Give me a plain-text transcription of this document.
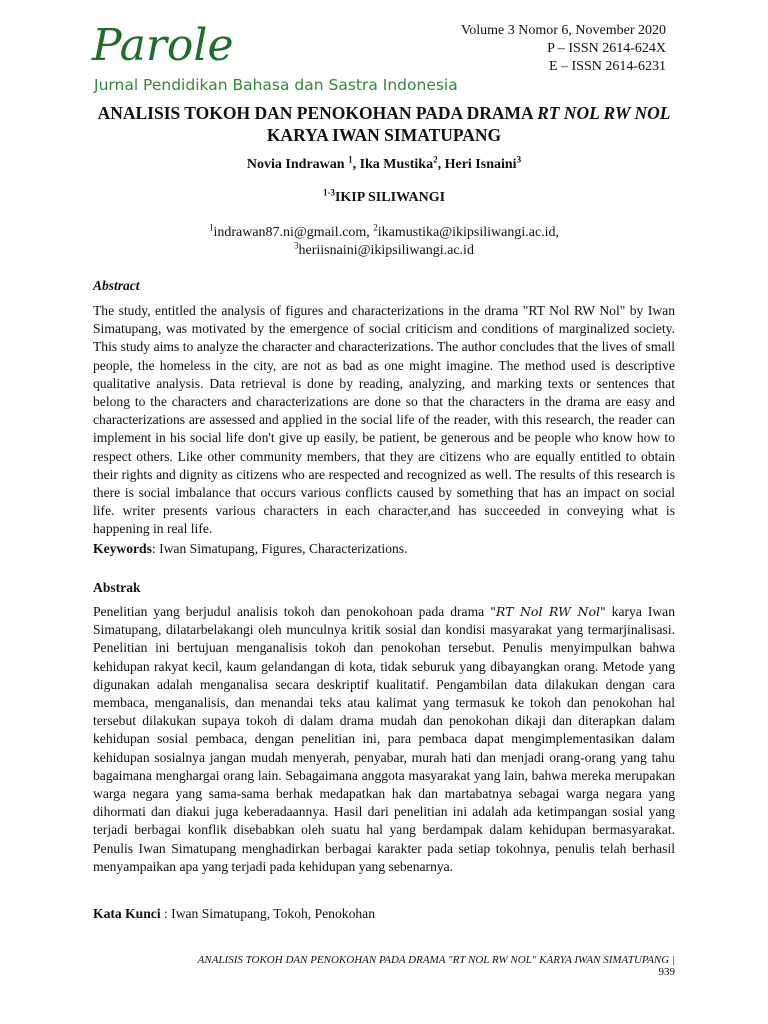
Parole
Jurnal Pendidikan Bahasa dan Sastra Indonesia
Volume 3 Nomor 6, November 2020
P – ISSN 2614-624X
E – ISSN 2614-6231
ANALISIS TOKOH DAN PENOKOHAN PADA DRAMA RT NOL RW NOL KARYA IWAN SIMATUPANG
Novia Indrawan $^1$, Ika Mustika$^2$, Heri Isnaini$^3$
$^{1-3}$IKIP SILIWANGI
$^1$indrawan87.ni@gmail.com, $^2$ikamustika@ikipsiliwangi.ac.id,
$^3$heriisnaini@ikipsiliwangi.ac.id
Abstract
The study, entitled the analysis of figures and characterizations in the drama "RT Nol RW Nol" by Iwan Simatupang, was motivated by the emergence of social criticism and conditions of marginalized society. This study aims to analyze the character and characterizations. The author concludes that the lives of small people, the homeless in the city, are not as bad as one might imagine. The method used is descriptive qualitative analysis. Data retrieval is done by reading, analyzing, and marking texts or sentences that belong to the characters and characterizations are done so that the characters in the drama are easy and characterizations are assessed and applied in the social life of the reader, with this research, the reader can implement in his social life don't give up easily, be patient, be generous and be people who know how to respect others. Like other community members, that they are citizens who are equally entitled to obtain their rights and dignity as citizens who are respected and recognized as well. The results of this research is there is social imbalance that occurs various conflicts caused by something that has an impact on social life. writer presents various characters in each character,and has succeeded in conveying what is happening in real life.
Keywords: Iwan Simatupang, Figures, Characterizations.
Abstrak
Penelitian yang berjudul analisis tokoh dan penokohoan pada drama "RT Nol RW Nol" karya Iwan Simatupang, dilatarbelakangi oleh munculnya kritik sosial dan kondisi masyarakat yang termarjinalisasi. Penelitian ini bertujuan menganalisis tokoh dan penokohan tersebut. Penulis menyimpulkan bahwa kehidupan rakyat kecil, kaum gelandangan di kota, tidak seburuk yang dibayangkan orang. Metode yang digunakan adalah menganalisa secara deskriptif kualitatif. Pengambilan data dilakukan dengan cara membaca, menganalisis, dan menandai teks atau kalimat yang termasuk ke tokoh dan penokohan hal tersebut dilakukan supaya tokoh di dalam drama mudah dan penokohan dikaji dan diterapkan dalam kehidupan sosial pembaca, dengan penelitian ini, para pembaca dapat mengimplementasikan dalam kehidupan sosialnya jangan mudah menyerah, penyabar, murah hati dan menjadi orang-orang yang tahu bagaimana menghargai orang lain. Sebagaimana anggota masyarakat yang lain, bahwa mereka merupakan warga negara yang sama-sama berhak medapatkan hak dan martabatnya sebagai warga negara yang dihormati dan diakui juga keberadaannya. Hasil dari penelitian ini adalah ada ketimpangan sosial yang terjadi berbagai konflik disebabkan oleh suatu hal yang berdampak dalam kehidupan bermasyarakat. Penulis Iwan Simatupang menghadirkan berbagai karakter pada setiap tokohnya, penulis telah berhasil menyampaikan apa yang terjadi pada kehidupan yang sebenarnya.
Kata Kunci : Iwan Simatupang, Tokoh, Penokohan
ANALISIS TOKOH DAN PENOKOHAN PADA DRAMA "RT NOL RW NOL" KARYA IWAN SIMATUPANG |
939
